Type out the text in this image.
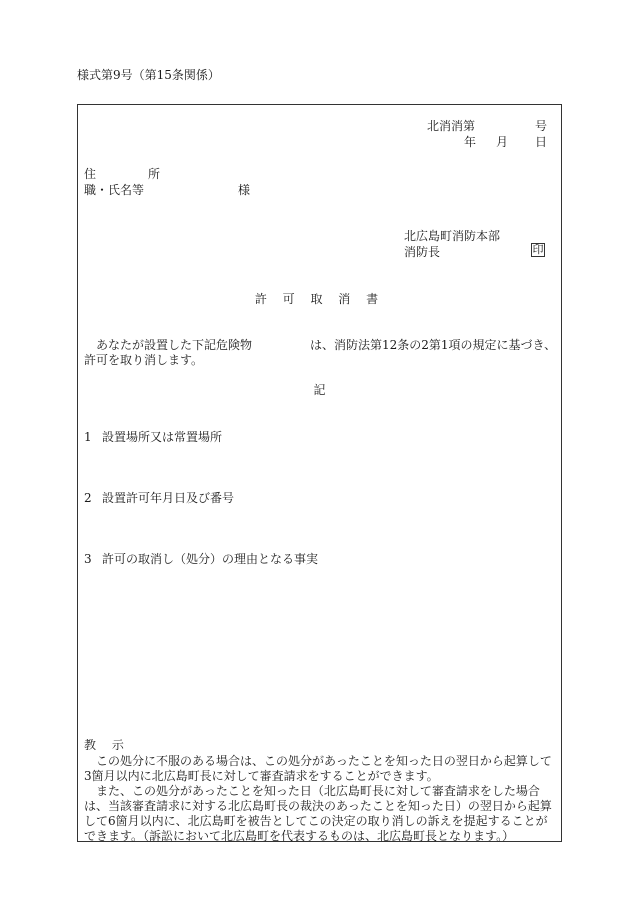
様式第9号（第15条関係）
北消消第	号
年 月 日
住　所
職・氏名等	様
北広島町消防本部
消防長	印
許 可 取 消 書
あなたが設置した下記危険物	は、消防法第12条の2第1項の規定に基づき、許可を取り消します。
記
1 設置場所又は常置場所
2 設置許可年月日及び番号
3 許可の取消し（処分）の理由となる事実
教 示

この処分に不服のある場合は、この処分があったことを知った日の翌日から起算して3箇月以内に北広島町長に対して審査請求をすることができます。

また、この処分があったことを知った日（北広島町長に対して審査請求をした場合は、当該審査請求に対する北広島町長の裁決のあったことを知った日）の翌日から起算して6箇月以内に、北広島町を被告としてこの決定の取り消しの訴えを提起することができます。（訴訟において北広島町を代表するものは、北広島町長となります。）
